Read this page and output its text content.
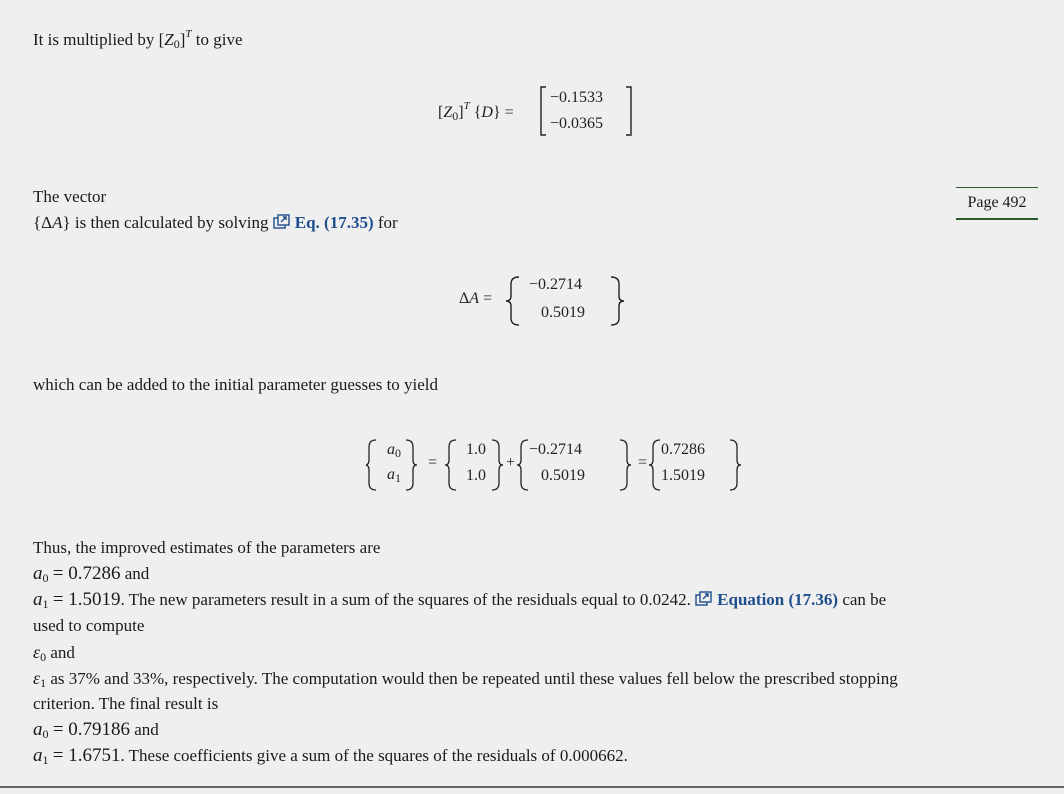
It is multiplied by $[Z_0]^T$ to give
$[Z_0]^T$ {D} =
−0.1533
−0.0365
The vector
{ΔA} is then calculated by solving Eq. (17.35) for
Page 492
ΔA =
−0.2714
0.5019
which can be added to the initial parameter guesses to yield
$a_0$
$a_1$
=
1.0
1.0
+
−0.2714
0.5019
=
0.7286
1.5019
Thus, the improved estimates of the parameters are
$a_0 = 0.7286$ and
$a_1 = 1.5019$. The new parameters result in a sum of the squares of the residuals equal to 0.0242. Equation (17.36) can be
used to compute
$\varepsilon_0$ and
$\varepsilon_1$ as 37% and 33%, respectively. The computation would then be repeated until these values fell below the prescribed stopping
criterion. The final result is
$a_0 = 0.79186$ and
$a_1 = 1.6751$. These coefficients give a sum of the squares of the residuals of 0.000662.
